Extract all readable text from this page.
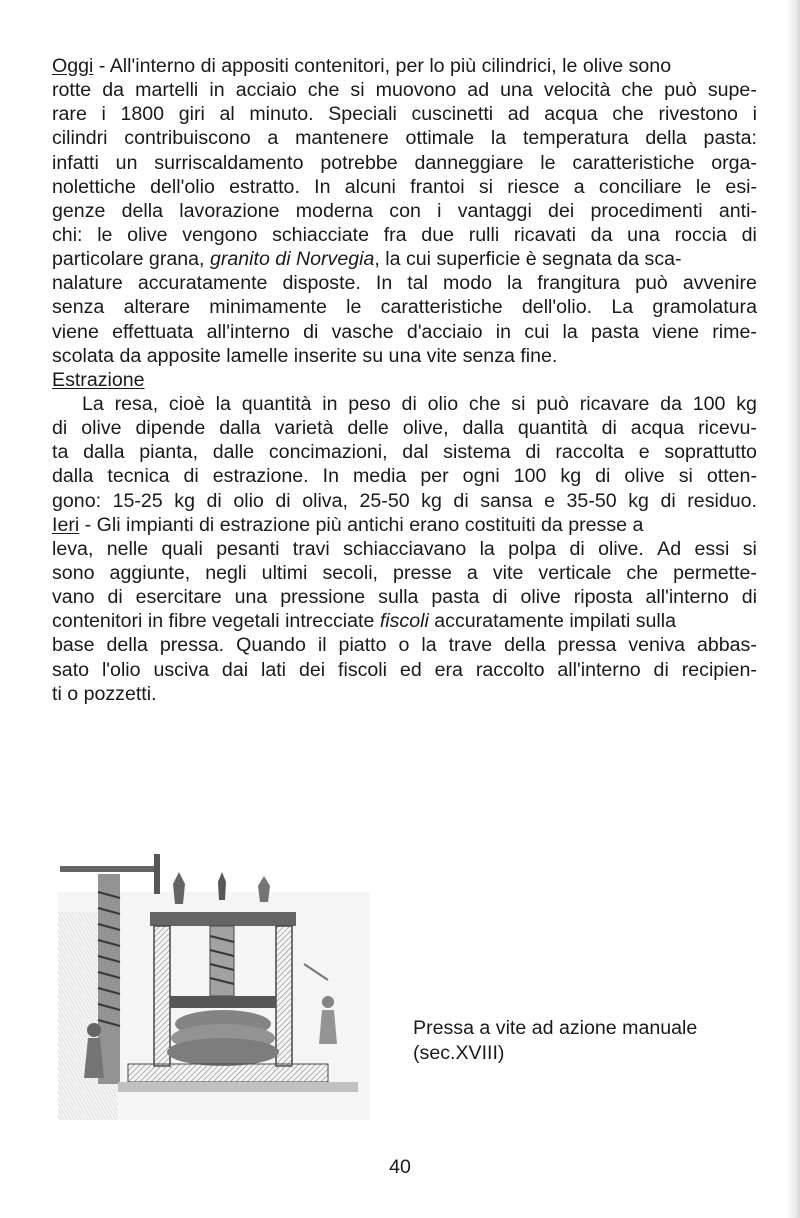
Oggi - All'interno di appositi contenitori, per lo più cilindrici, le olive sono
rotte da martelli in acciaio che si muovono ad una velocità che può supe-
rare i 1800 giri al minuto. Speciali cuscinetti ad acqua che rivestono i
cilindri contribuiscono a mantenere ottimale la temperatura della pasta:
infatti un surriscaldamento potrebbe danneggiare le caratteristiche orga-
nolettiche dell'olio estratto. In alcuni frantoi si riesce a conciliare le esi-
genze della lavorazione moderna con i vantaggi dei procedimenti anti-
chi: le olive vengono schiacciate fra due rulli ricavati da una roccia di
particolare grana, granito di Norvegia, la cui superficie è segnata da sca-
nalature accuratamente disposte. In tal modo la frangitura può avvenire
senza alterare minimamente le caratteristiche dell'olio. La gramolatura
viene effettuata all'interno di vasche d'acciaio in cui la pasta viene rime-
scolata da apposite lamelle inserite su una vite senza fine.
Estrazione
La resa, cioè la quantità in peso di olio che si può ricavare da 100 kg
di olive dipende dalla varietà delle olive, dalla quantità di acqua ricevu-
ta dalla pianta, dalle concimazioni, dal sistema di raccolta e soprattutto
dalla tecnica di estrazione. In media per ogni 100 kg di olive si otten-
gono: 15-25 kg di olio di oliva, 25-50 kg di sansa e 35-50 kg di residuo.
Ieri - Gli impianti di estrazione più antichi erano costituiti da presse a
leva, nelle quali pesanti travi schiacciavano la polpa di olive. Ad essi si
sono aggiunte, negli ultimi secoli, presse a vite verticale che permette-
vano di esercitare una pressione sulla pasta di olive riposta all'interno di
contenitori in fibre vegetali intrecciate fiscoli accuratamente impilati sulla
base della pressa. Quando il piatto o la trave della pressa veniva abbas-
sato l'olio usciva dai lati dei fiscoli ed era raccolto all'interno di recipien-
ti o pozzetti.
Pressa a vite ad azione manuale
(sec.XVIII)
40
